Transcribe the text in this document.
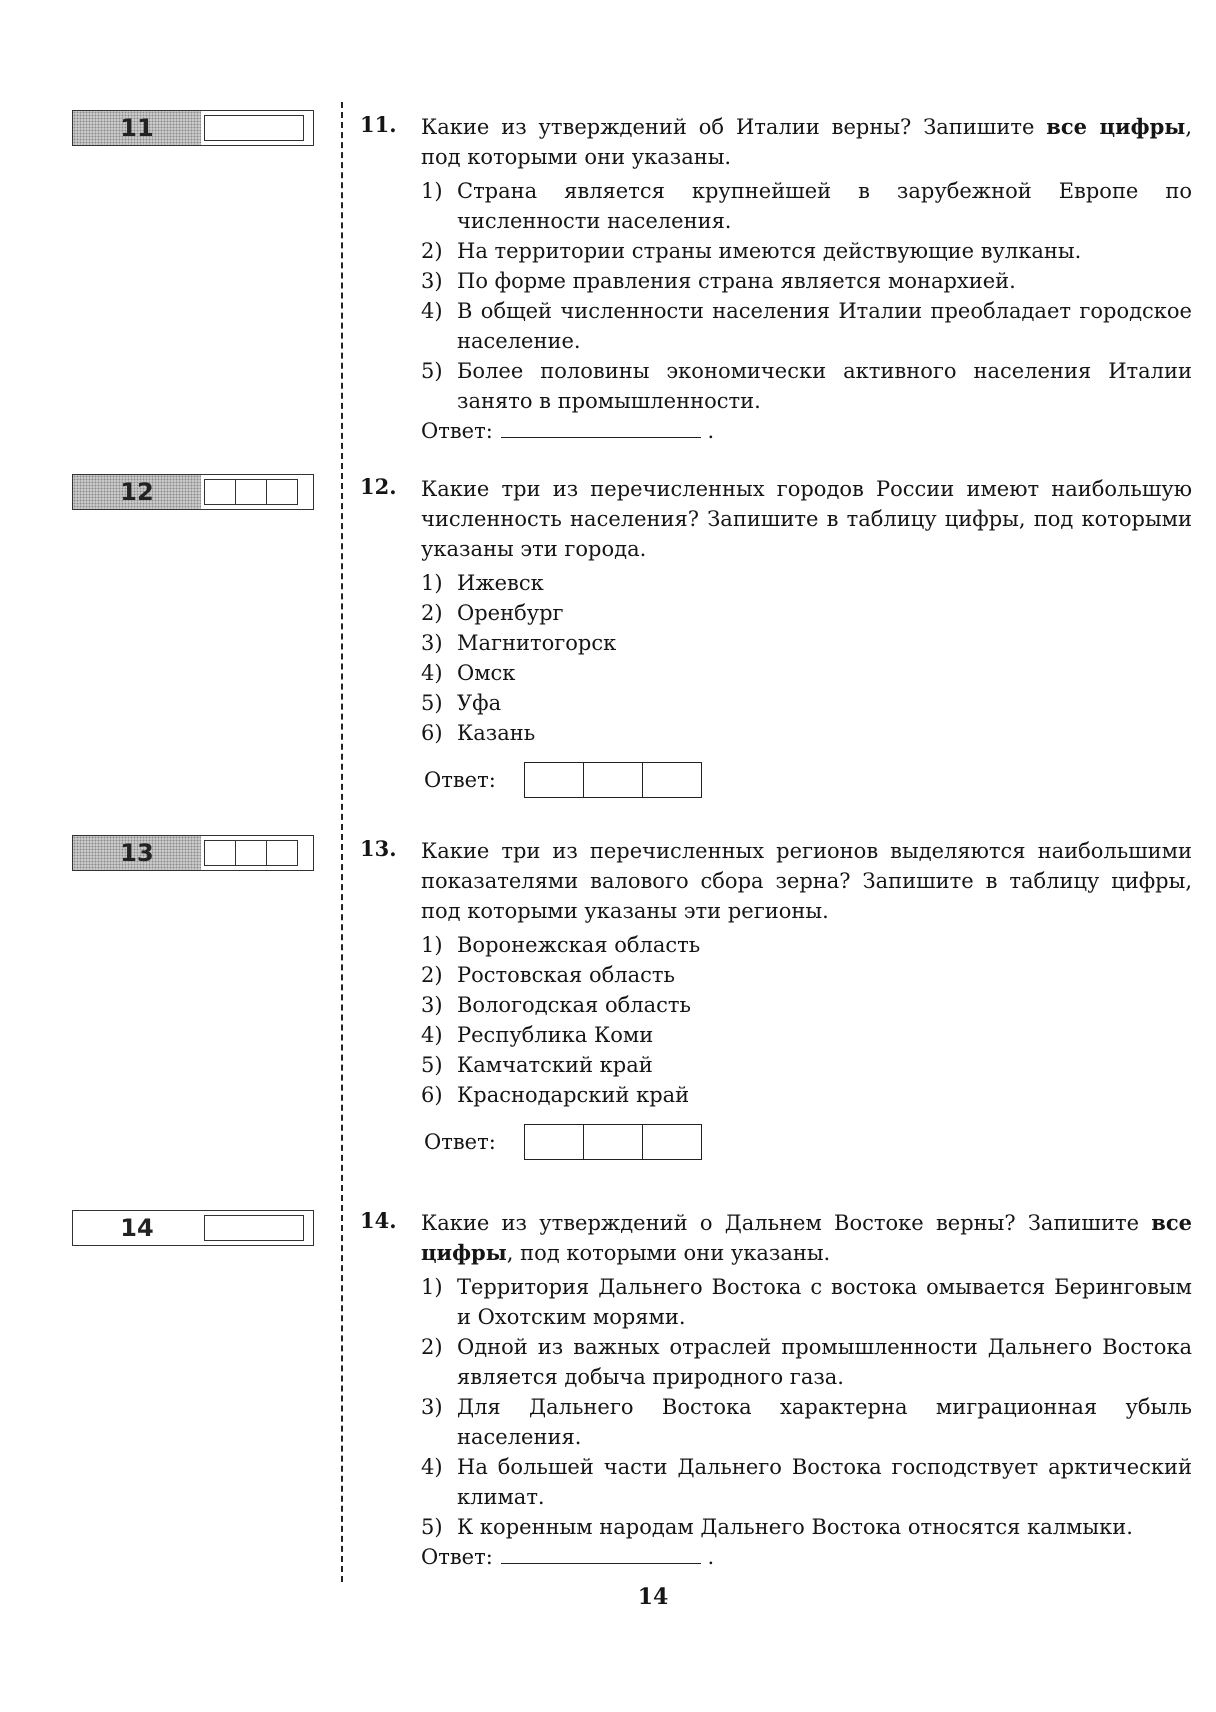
11
12
13
14
11. Какие из утверждений об Италии верны? Запишите все цифры, под которыми они указаны.
1) Страна является крупнейшей в зарубежной Европе по численности населения.
2) На территории страны имеются действующие вулканы.
3) По форме правления страна является монархией.
4) В общей численности населения Италии преобладает городское население.
5) Более половины экономически активного населения Италии занято в промышленности.
Ответ:	.
12. Какие три из перечисленных городов России имеют наибольшую численность населения? Запишите в таблицу цифры, под которыми указаны эти города.
1) Ижевск
2) Оренбург
3) Магнитогорск
4) Омск
5) Уфа
6) Казань
Ответ:
13. Какие три из перечисленных регионов выделяются наибольшими показателями валового сбора зерна? Запишите в таблицу цифры, под которыми указаны эти регионы.
1) Воронежская область
2) Ростовская область
3) Вологодская область
4) Республика Коми
5) Камчатский край
6) Краснодарский край
Ответ:
14. Какие из утверждений о Дальнем Востоке верны? Запишите все цифры, под которыми они указаны.
1) Территория Дальнего Востока с востока омывается Беринговым и Охотским морями.
2) Одной из важных отраслей промышленности Дальнего Востока является добыча природного газа.
3) Для Дальнего Востока характерна миграционная убыль населения.
4) На большей части Дальнего Востока господствует арктический климат.
5) К коренным народам Дальнего Востока относятся калмыки.
Ответ:	.
14
